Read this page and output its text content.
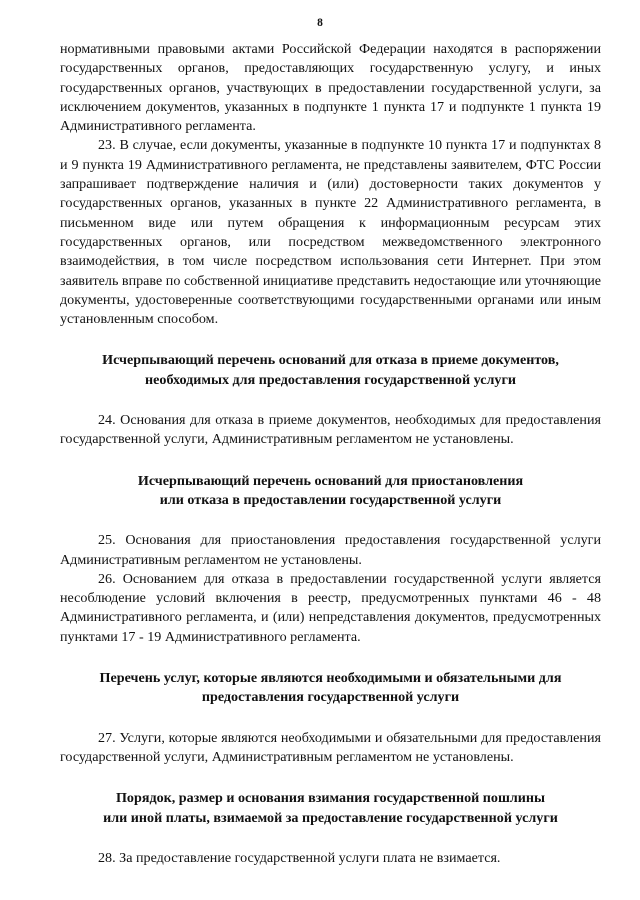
8

нормативными правовыми актами Российской Федерации находятся в распоряжении государственных органов, предоставляющих государственную услугу, и иных государственных органов, участвующих в предоставлении государственной услуги, за исключением документов, указанных в подпункте 1 пункта 17 и подпункте 1 пункта 19 Административного регламента.

23. В случае, если документы, указанные в подпункте 10 пункта 17 и подпунктах 8 и 9 пункта 19 Административного регламента, не представлены заявителем, ФТС России запрашивает подтверждение наличия и (или) достоверности таких документов у государственных органов, указанных в пункте 22 Административного регламента, в письменном виде или путем обращения к информационным ресурсам этих государственных органов, или посредством межведомственного электронного взаимодействия, в том числе посредством использования сети Интернет. При этом заявитель вправе по собственной инициативе представить недостающие или уточняющие документы, удостоверенные соответствующими государственными органами или иным установленным способом.

Исчерпывающий перечень оснований для отказа в приеме документов,
необходимых для предоставления государственной услуги

24. Основания для отказа в приеме документов, необходимых для предоставления государственной услуги, Административным регламентом не установлены.

Исчерпывающий перечень оснований для приостановления
или отказа в предоставлении государственной услуги

25. Основания для приостановления предоставления государственной услуги Административным регламентом не установлены.

26. Основанием для отказа в предоставлении государственной услуги является несоблюдение условий включения в реестр, предусмотренных пунктами 46 - 48 Административного регламента, и (или) непредставления документов, предусмотренных пунктами 17 - 19 Административного регламента.

Перечень услуг, которые являются необходимыми и обязательными для
предоставления государственной услуги

27. Услуги, которые являются необходимыми и обязательными для предоставления государственной услуги, Административным регламентом не установлены.

Порядок, размер и основания взимания государственной пошлины
или иной платы, взимаемой за предоставление государственной услуги

28. За предоставление государственной услуги плата не взимается.
